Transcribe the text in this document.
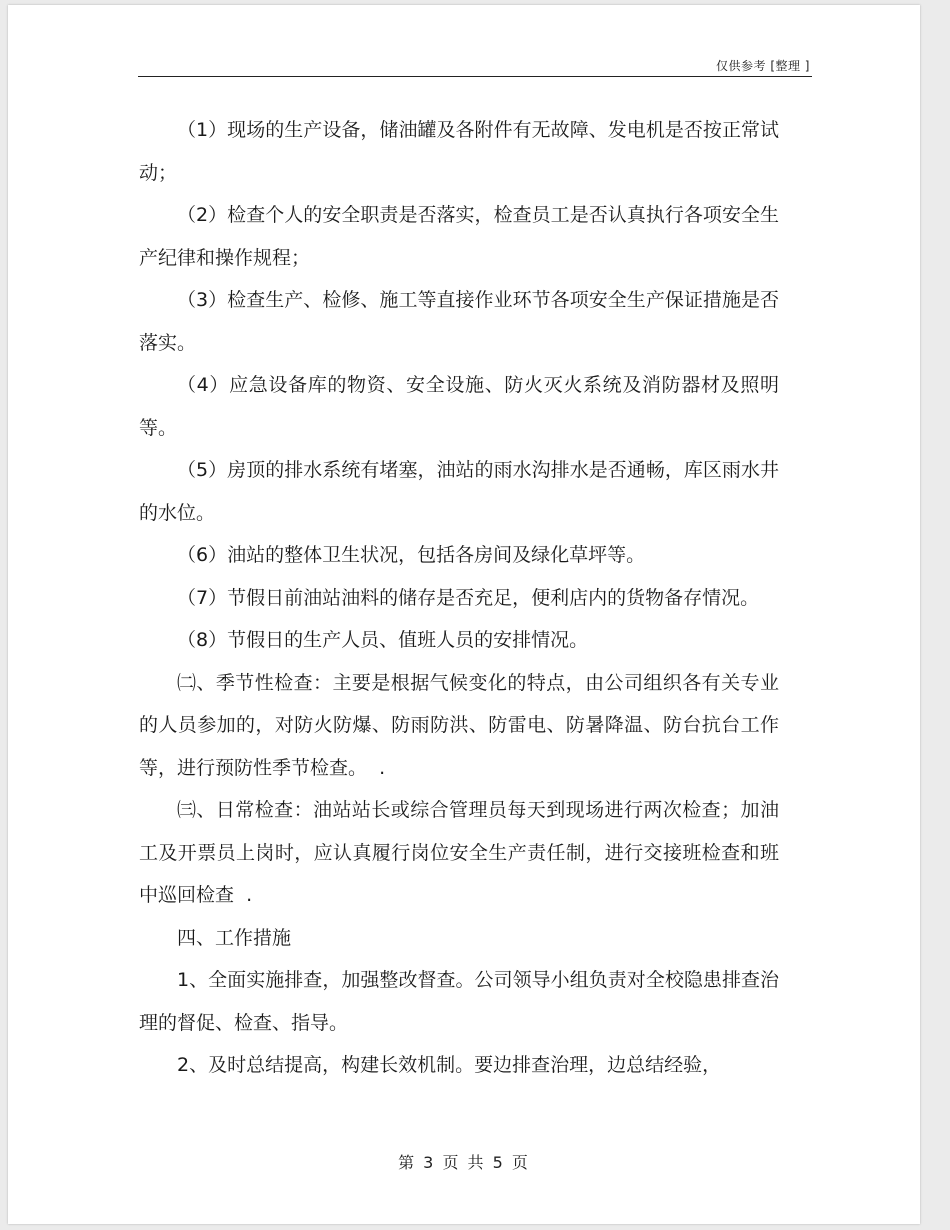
仅供参考 [整理 ]

（1）现场的生产设备，储油罐及各附件有无故障、发电机是否按正常试动；

（2）检查个人的安全职责是否落实，检查员工是否认真执行各项安全生产纪律和操作规程；

（3）检查生产、检修、施工等直接作业环节各项安全生产保证措施是否落实。

（4）应急设备库的物资、安全设施、防火灭火系统及消防器材及照明等。

（5）房顶的排水系统有堵塞，油站的雨水沟排水是否通畅，库区雨水井的水位。

（6）油站的整体卫生状况，包括各房间及绿化草坪等。

（7）节假日前油站油料的储存是否充足，便利店内的货物备存情况。

（8）节假日的生产人员、值班人员的安排情况。

㈡、季节性检查：主要是根据气候变化的特点，由公司组织各有关专业的人员参加的，对防火防爆、防雨防洪、防雷电、防暑降温、防台抗台工作等，进行预防性季节检查。  .

㈢、日常检查：油站站长或综合管理员每天到现场进行两次检查；加油工及开票员上岗时，应认真履行岗位安全生产责任制，进行交接班检查和班中巡回检查  .

四、工作措施

1、全面实施排查，加强整改督查。公司领导小组负责对全校隐患排查治理的督促、检查、指导。

2、及时总结提高，构建长效机制。要边排查治理，边总结经验，

第 3 页 共 5 页
